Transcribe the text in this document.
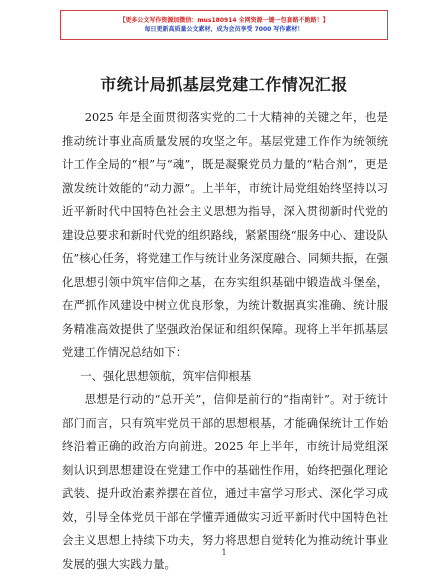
【更多公文写作资源加微信：mus180914 全网资源一键一包套路不跑路！】
每日更新高质量公文素材，成为会员享受 7000 写作素材！
市统计局抓基层党建工作情况汇报

2025 年是全面贯彻落实党的二十大精神的关键之年，也是推动统计事业高质量发展的攻坚之年。基层党建工作作为统领统计工作全局的“根”与“魂”，既是凝聚党员力量的“粘合剂”，更是激发统计效能的“动力源”。上半年，市统计局党组始终坚持以习近平新时代中国特色社会主义思想为指导，深入贯彻新时代党的建设总要求和新时代党的组织路线，紧紧围绕“服务中心、建设队伍”核心任务，将党建工作与统计业务深度融合、同频共振，在强化思想引领中筑牢信仰之基，在夯实组织基础中锻造战斗堡垒，在严抓作风建设中树立优良形象，为统计数据真实准确、统计服务精准高效提供了坚强政治保证和组织保障。现将上半年抓基层党建工作情况总结如下：

一、强化思想领航，筑牢信仰根基

思想是行动的“总开关”，信仰是前行的“指南针”。对于统计部门而言，只有筑牢党员干部的思想根基，才能确保统计工作始终沿着正确的政治方向前进。2025 年上半年，市统计局党组深刻认识到思想建设在党建工作中的基础性作用，始终把强化理论武装、提升政治素养摆在首位，通过丰富学习形式、深化学习成效，引导全体党员干部在学懂弄通做实习近平新时代中国特色社会主义思想上持续下功夫，努力将思想自觉转化为推动统计事业发展的强大实践力量。

1
